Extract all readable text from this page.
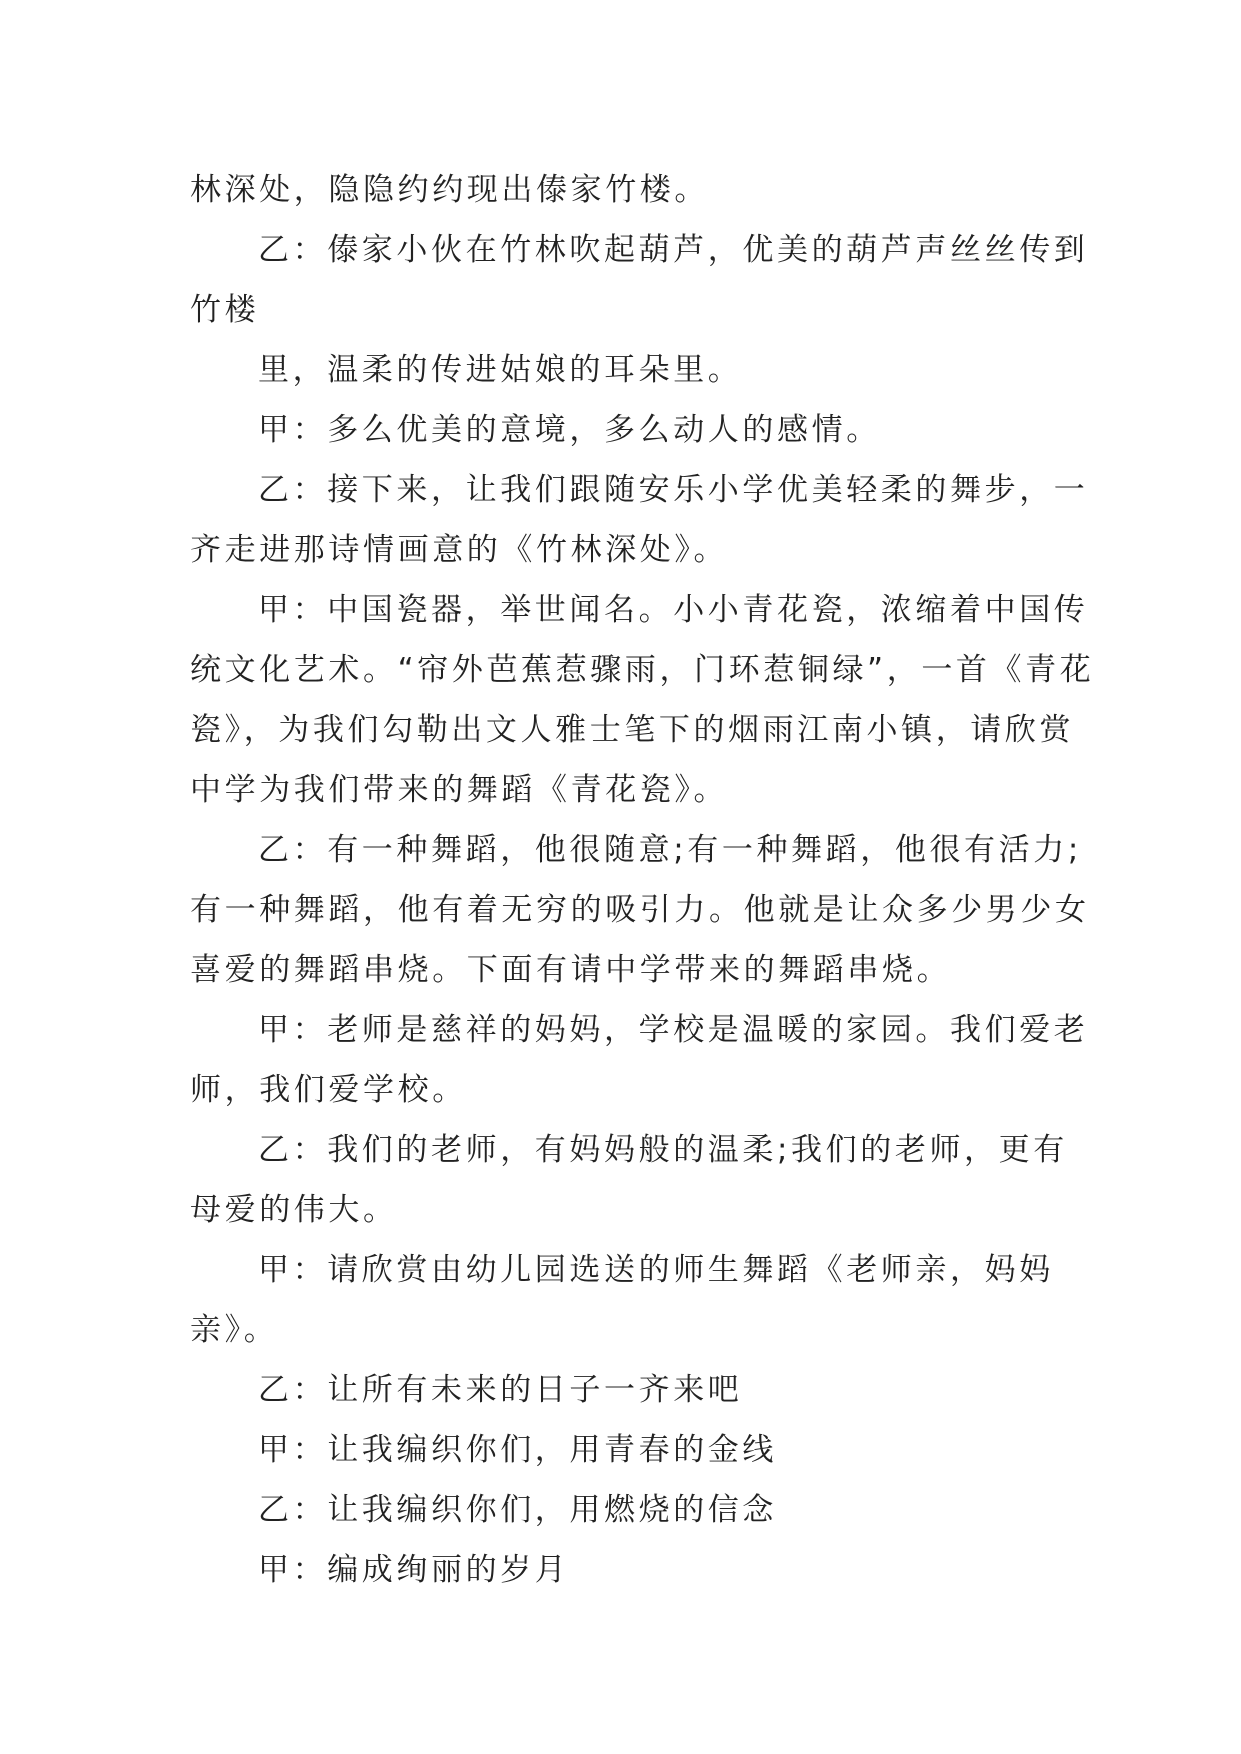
林深处，隐隐约约现出傣家竹楼。
乙：傣家小伙在竹林吹起葫芦，优美的葫芦声丝丝传到
竹楼
里，温柔的传进姑娘的耳朵里。
甲：多么优美的意境，多么动人的感情。
乙：接下来，让我们跟随安乐小学优美轻柔的舞步，一
齐走进那诗情画意的《竹林深处》。
甲：中国瓷器，举世闻名。小小青花瓷，浓缩着中国传
统文化艺术。“帘外芭蕉惹骤雨，门环惹铜绿”，一首《青花
瓷》，为我们勾勒出文人雅士笔下的烟雨江南小镇，请欣赏
中学为我们带来的舞蹈《青花瓷》。
乙：有一种舞蹈，他很随意;有一种舞蹈，他很有活力;
有一种舞蹈，他有着无穷的吸引力。他就是让众多少男少女
喜爱的舞蹈串烧。下面有请中学带来的舞蹈串烧。
甲：老师是慈祥的妈妈，学校是温暖的家园。我们爱老
师，我们爱学校。
乙：我们的老师，有妈妈般的温柔;我们的老师，更有
母爱的伟大。
甲：请欣赏由幼儿园选送的师生舞蹈《老师亲，妈妈
亲》。
乙：让所有未来的日子一齐来吧
甲：让我编织你们，用青春的金线
乙：让我编织你们，用燃烧的信念
甲：编成绚丽的岁月
